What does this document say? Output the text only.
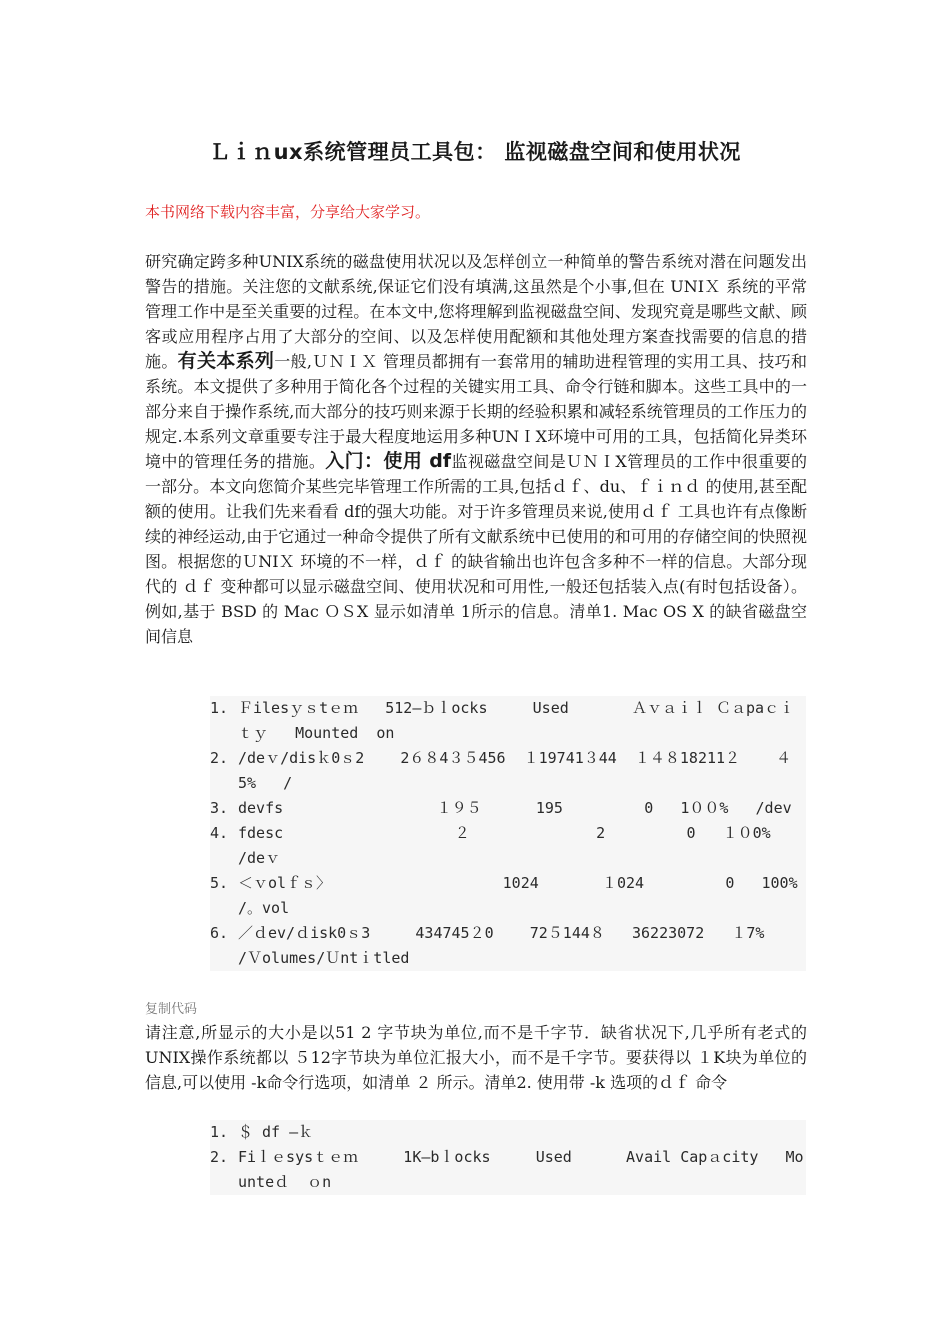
Ｌｉｎux系统管理员工具包： 监视磁盘空间和使用状况
本书网络下载内容丰富，分享给大家学习。
研究确定跨多种UNIX系统的磁盘使用状况以及怎样创立一种简单的警告系统对潜在问题发出警告的措施。关注您的文献系统,保证它们没有填满,这虽然是个小事,但在 UNIＸ 系统的平常管理工作中是至关重要的过程。在本文中,您将理解到监视磁盘空间、发现究竟是哪些文献、顾客或应用程序占用了大部分的空间、以及怎样使用配额和其他处理方案查找需要的信息的措施。有关本系列一般,ＵＮＩＸ 管理员都拥有一套常用的辅助进程管理的实用工具、技巧和系统。本文提供了多种用于简化各个过程的关键实用工具、命令行链和脚本。这些工具中的一部分来自于操作系统,而大部分的技巧则来源于长期的经验积累和减轻系统管理员的工作压力的规定.本系列文章重要专注于最大程度地运用多种UNＩX环境中可用的工具，包括简化异类环境中的管理任务的措施。入门：使用 df监视磁盘空间是ＵＮＩX管理员的工作中很重要的一部分。本文向您简介某些完毕管理工作所需的工具,包括ｄｆ、du、ｆｉｎｄ 的使用,甚至配额的使用。让我们先来看看 df的强大功能。对于许多管理员来说,使用ｄｆ 工具也许有点像断续的神经运动,由于它通过一种命令提供了所有文献系统中已使用的和可用的存储空间的快照视图。根据您的ＵNIＸ 环境的不一样，ｄｆ 的缺省输出也许包含多种不一样的信息。大部分现代的 ｄｆ 变种都可以显示磁盘空间、使用状况和可用性,一般还包括装入点(有时包括设备）。例如,基于 BSD 的 Mac ＯＳX 显示如清单 1所示的信息。清单1. Mac OS X 的缺省磁盘空间信息
1. Ｆilesｙｓtｅｍ   512—ｂｌocks     Used       Ａｖａｉｌ Ｃａpaｃｉｔｙ   Mounted  on
2. /deｖ/disｋ0ｓ2    2６８4３５456  １19741３44  １４８18211２    ４5%   /
3. devfs                 １９５      195         0   1００%   /dev
4. fdesc                   ２              2         0   １０0%   /deｖ
5. ＜ｖolｆｓ〉                   1024       １024         0   100%   /。vol
6. ／ｄev/ｄisk0ｓ3     434745２0    72５144８   36223072   １7%    /Ｖolumes/Ｕntｉtled
复制代码
请注意,所显示的大小是以51 2 字节块为单位,而不是千字节．缺省状况下,几乎所有老式的UNIX操作系统都以 ５12字节块为单位汇报大小，而不是千字节。要获得以 １K块为单位的信息,可以使用 -k命令行选项，如清单 ２ 所示。清单2. 使用带 -k 选项的ｄｆ 命令
1. ＄ df —ｋ
2. Fiｌｅsysｔｅｍ     1K—bｌocks     Used      Avail Capａcity   Mounteｄ  ｏn
